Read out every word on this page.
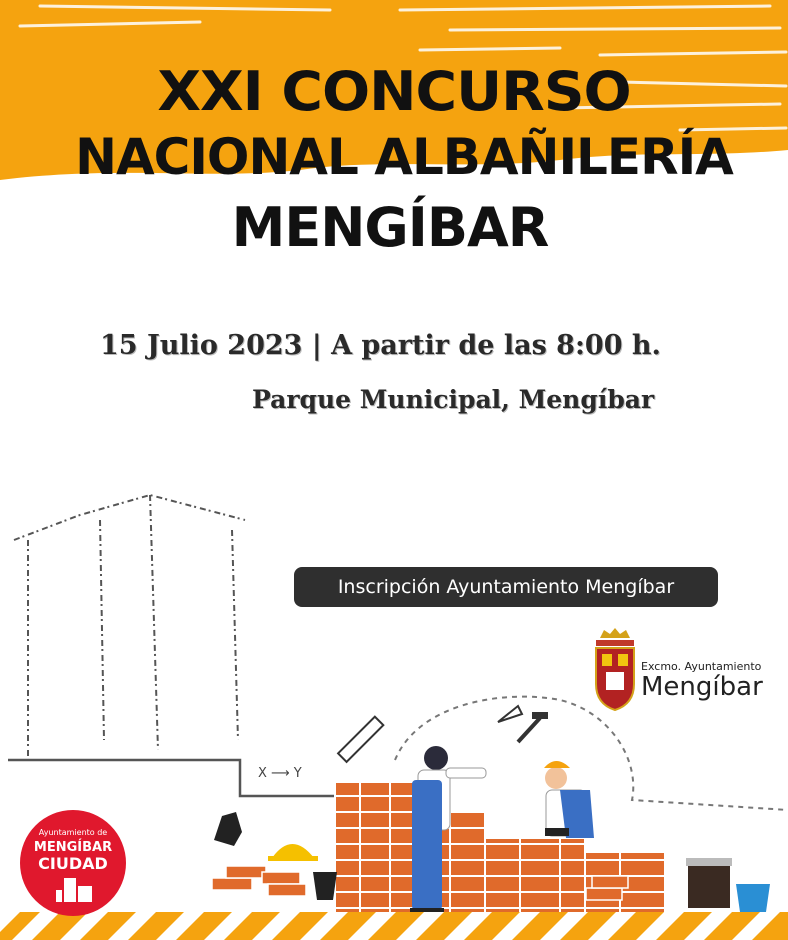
XXI CONCURSO
NACIONAL ALBAÑILERÍA
MENGÍBAR
15 Julio 2023 | A partir de las 8:00 h.
Parque Municipal, Mengíbar
X ⟶ Y
Inscripción Ayuntamiento Mengíbar
Excmo. Ayuntamiento
Mengíbar
Ayuntamiento de
MENGÍBAR
CIUDAD
